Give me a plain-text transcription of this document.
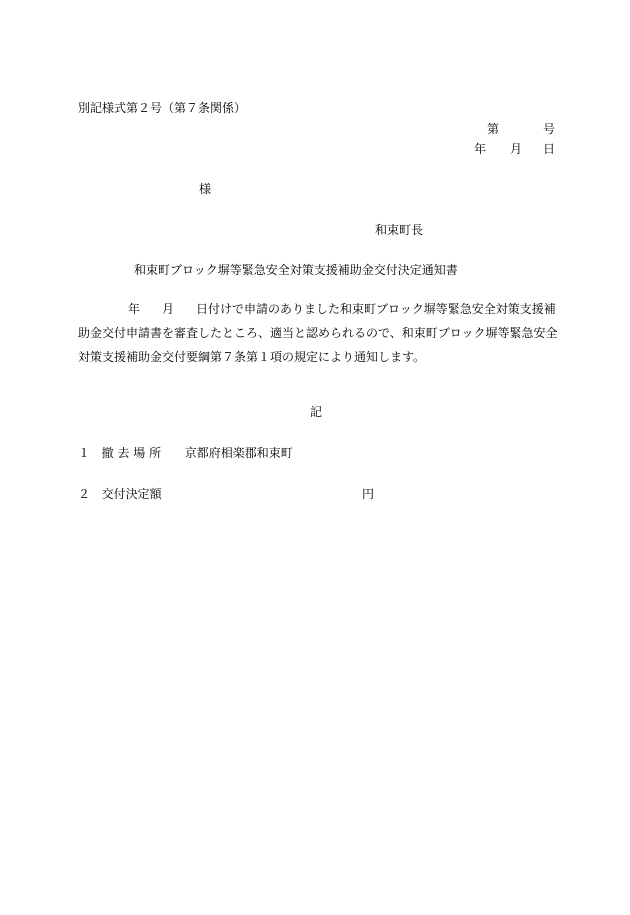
別記様式第２号（第７条関係）
第	号
年 月 日
様
和束町長
和束町ブロック塀等緊急安全対策支援補助金交付決定通知書
年 月 日付けで申請のありました和束町ブロック塀等緊急安全対策支援補助金交付申請書を審査したところ、適当と認められるので、和束町ブロック塀等緊急安全対策支援補助金交付要綱第７条第１項の規定により通知します。
記
１ 撤 去 場 所 京都府相楽郡和束町
２ 交付決定額	円
